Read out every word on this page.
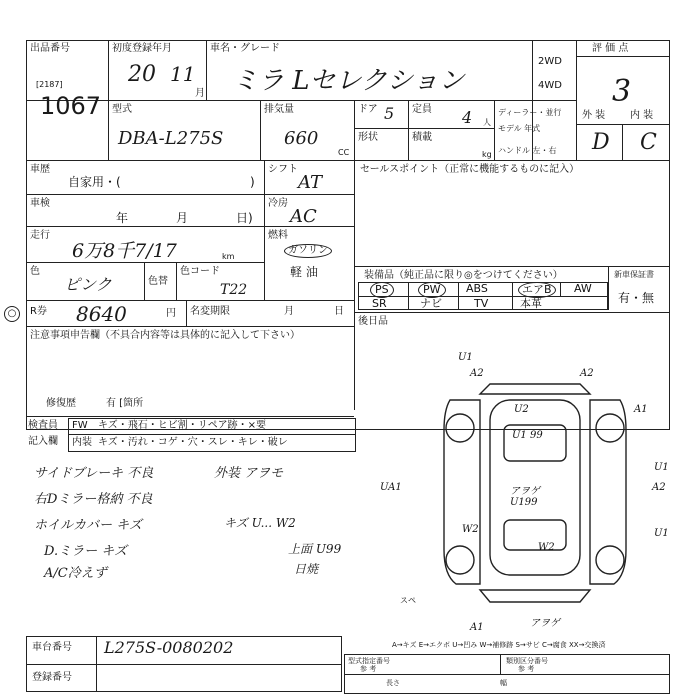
出品番号
[2187]
1067
初度登録年月
20 11
月
車名・グレード
ミラ Lセレクション
2WD
4WD
評 価 点
3
外 装 内 装
D C
型式
DBA-L275S
排気量
660
CC
ドア 5 定員 4 人
形状	積載
kg
ディーラー・並行
モデル 年式
ハンドル 左・右
車歴
自家用・(	)
シフト
AT
車検
年	月	日)
冷房
AC
走行
6万8千7/17	km
燃料
ガソリン
軽 油
色
ピンク	色替
色コード
T22
○	R券 8640	円 名変期限	月	日
注意事項申告欄（不具合内容等は具体的に記入して下さい）
修復歴	有 [箇所
検査員
記入欄
FW キズ・飛石・ヒビ割・リペア跡・×要
内装 キズ・汚れ・コゲ・穴・スレ・キレ・破レ
サイドブレーキ 不良
右Dミラー格納 不良
ホイルカバー キズ
D.ミラー キズ
A/C冷えず
外装 アヲモ
キズ U... W2
上面 U99
日焼
セールスポイント（正常に機能するものに記入）
装備品（純正品に限り◎をつけてください）	新車保証書
有・無
PS	PW	ABS	エアB	AW
SR	ナビ	TV	本革
後日品
U1
A2	A2
A1
U2
U1 99
UA1
U1
A2
アヲゲ U199
W2
W2
U1
A1	アヲゲ
スペ
A→キズ E→エクボ U→凹み W→補修跡 S→サビ C→腐食 XX→交換済
車台番号 L275S-0080202
登録番号
型式指定番号
参 考
類別区分番号
参 考
長さ	幅
